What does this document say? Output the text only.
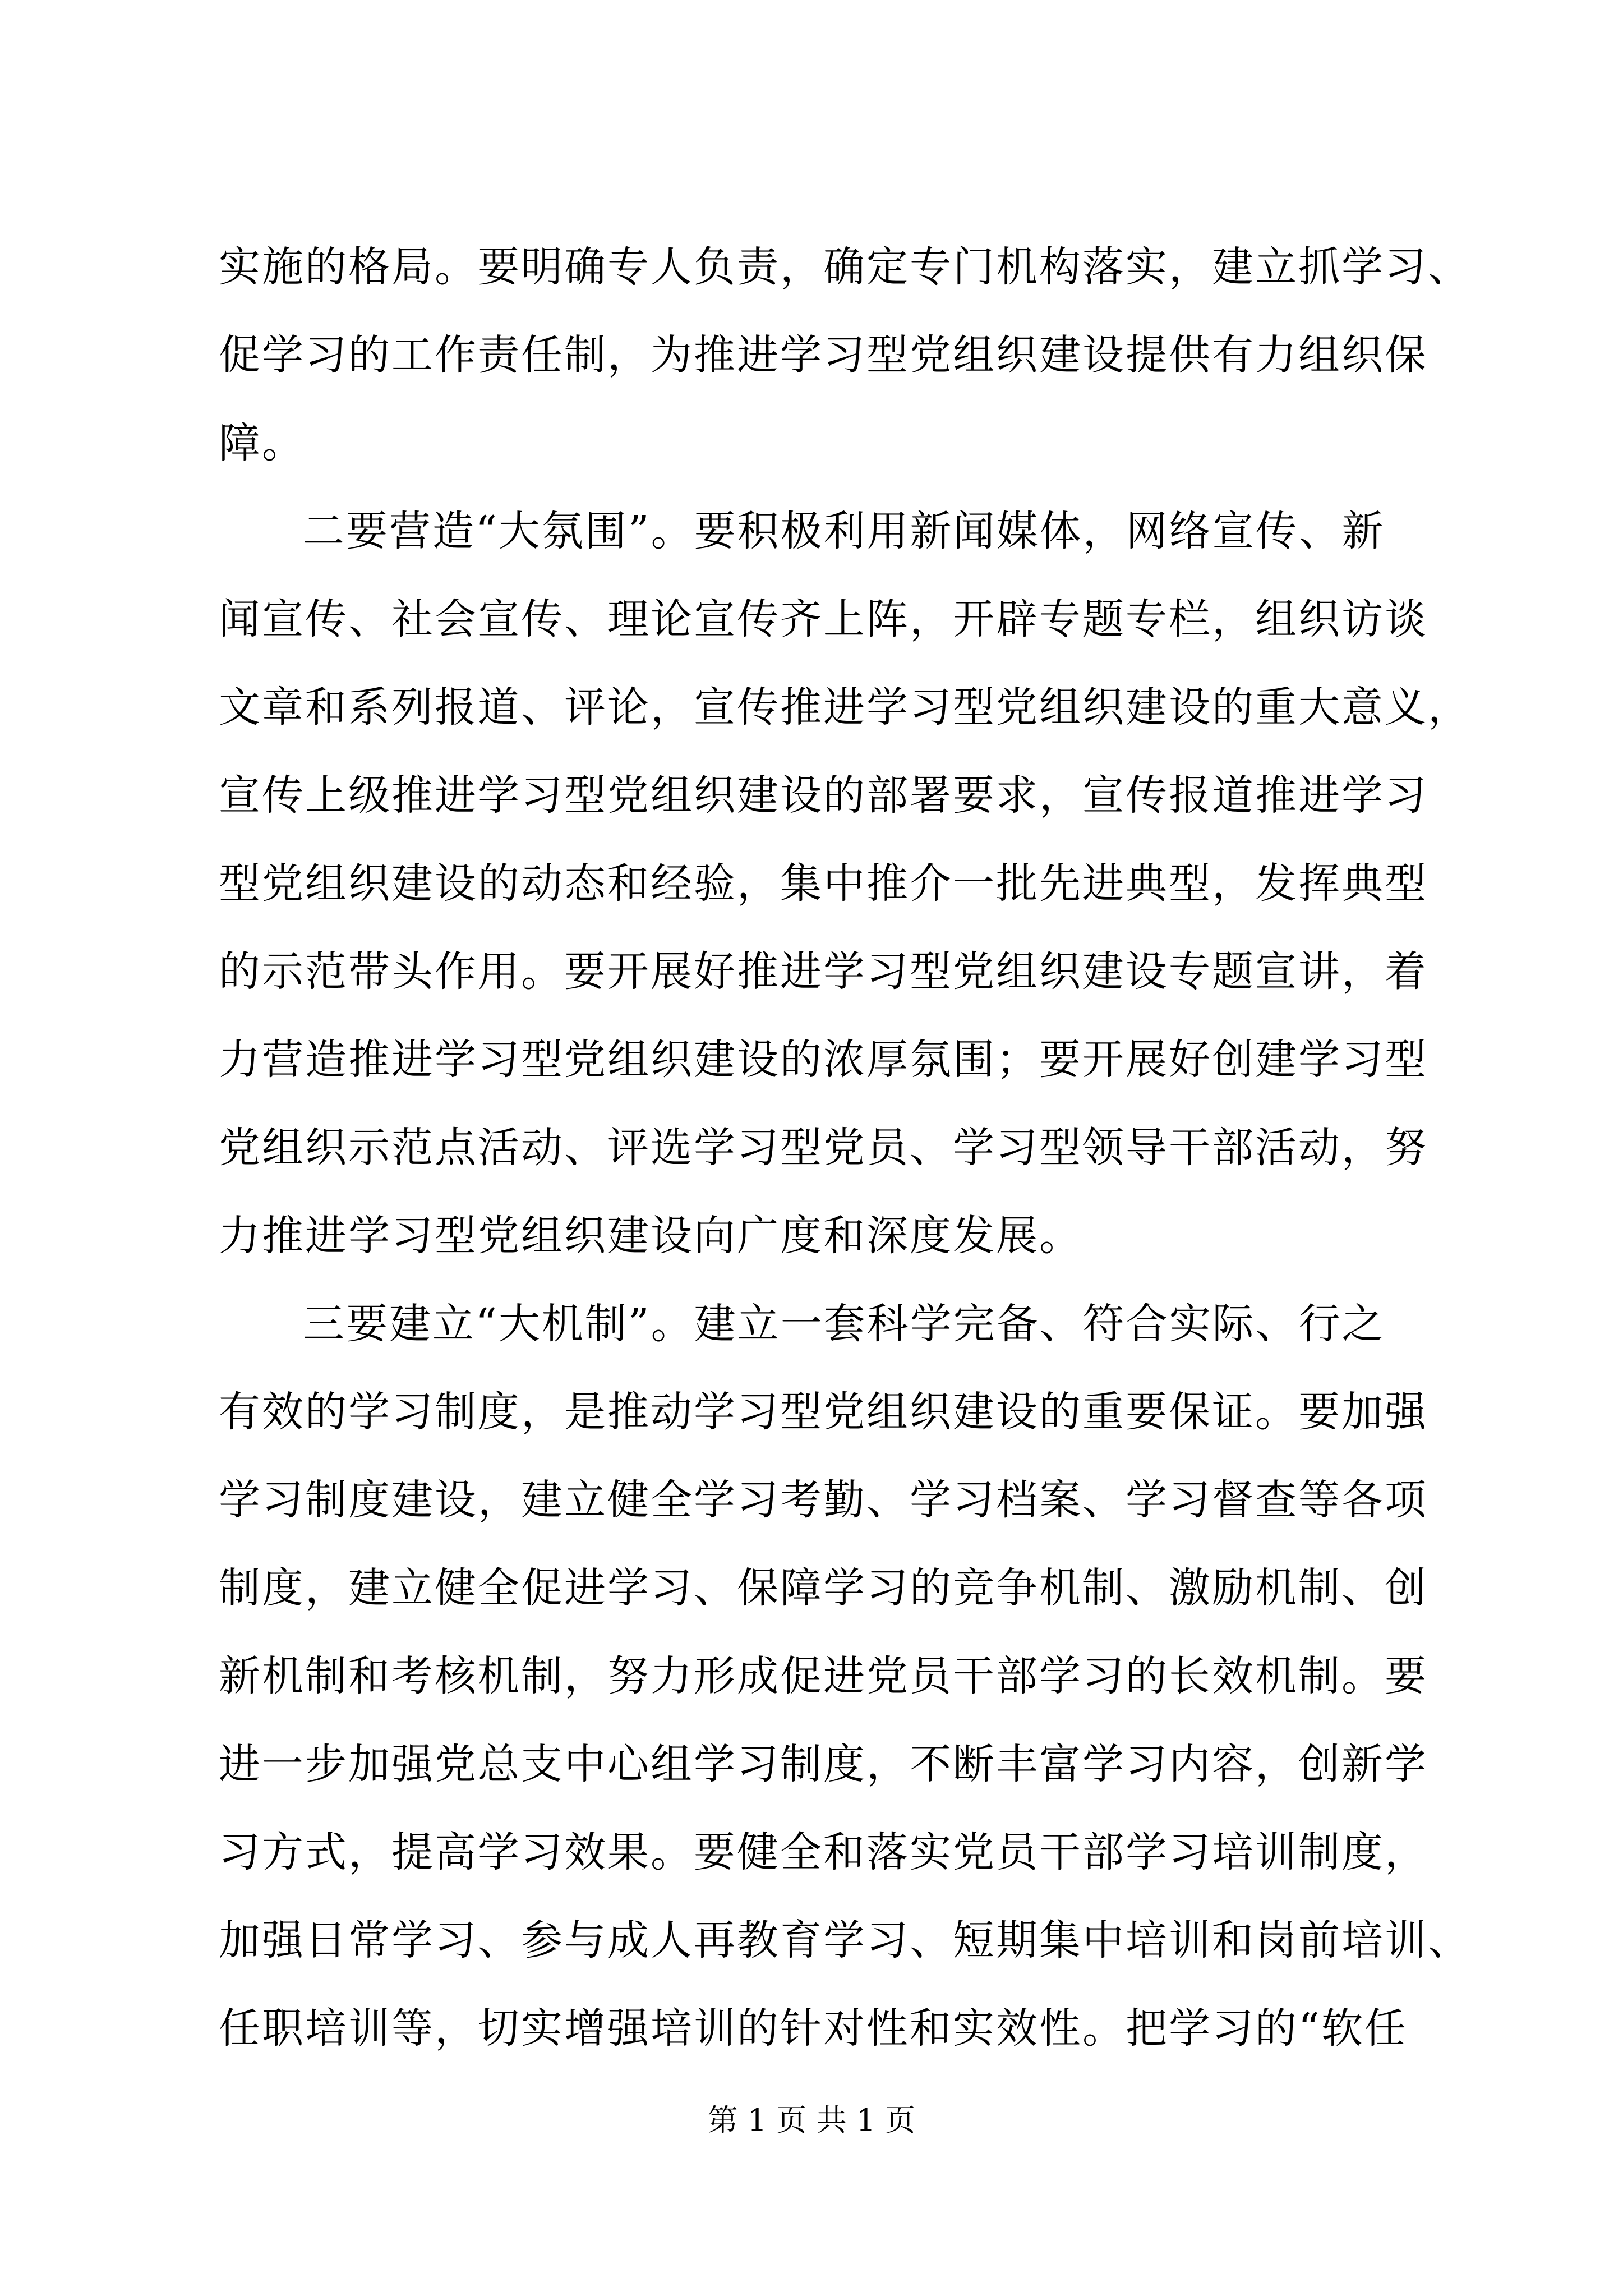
实施的格局。要明确专人负责，确定专门机构落实，建立抓学习、
促学习的工作责任制，为推进学习型党组织建设提供有力组织保
障。
二要营造“大氛围”。要积极利用新闻媒体，网络宣传、新
闻宣传、社会宣传、理论宣传齐上阵，开辟专题专栏，组织访谈
文章和系列报道、评论，宣传推进学习型党组织建设的重大意义，
宣传上级推进学习型党组织建设的部署要求，宣传报道推进学习
型党组织建设的动态和经验，集中推介一批先进典型，发挥典型
的示范带头作用。要开展好推进学习型党组织建设专题宣讲，着
力营造推进学习型党组织建设的浓厚氛围；要开展好创建学习型
党组织示范点活动、评选学习型党员、学习型领导干部活动，努
力推进学习型党组织建设向广度和深度发展。
三要建立“大机制”。建立一套科学完备、符合实际、行之
有效的学习制度，是推动学习型党组织建设的重要保证。要加强
学习制度建设，建立健全学习考勤、学习档案、学习督查等各项
制度，建立健全促进学习、保障学习的竞争机制、激励机制、创
新机制和考核机制，努力形成促进党员干部学习的长效机制。要
进一步加强党总支中心组学习制度，不断丰富学习内容，创新学
习方式，提高学习效果。要健全和落实党员干部学习培训制度，
加强日常学习、参与成人再教育学习、短期集中培训和岗前培训、
任职培训等，切实增强培训的针对性和实效性。把学习的“软任
第 1 页 共 1 页
